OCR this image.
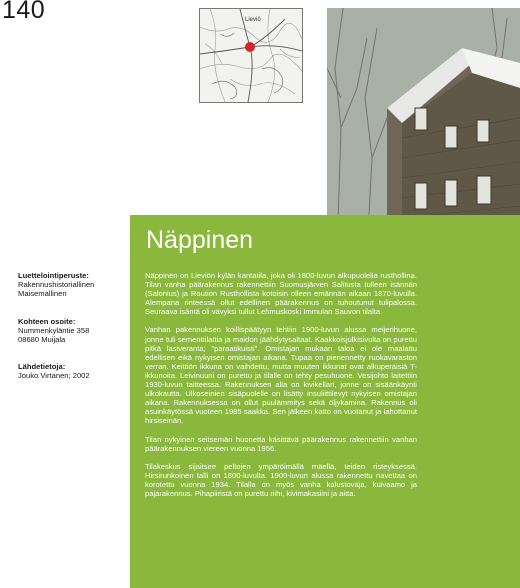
140	Lieviö
Näppinen

Näppinen on Lieviön kylän kantatila, joka oli 1800-luvun alkupuolella rusthollina. Tilan vanha päärakennus rakennettiin Suomusjärven Salitusta tulleen isännän (Salonius) ja Roution Rusthollista kotoisin olleen emännän aikaan 1870-luvulla. Alempana rinteessä ollut edellinen päärakennus on tuhoutunut tulipalossa. Seuraava isäntä oli vävyksi tullut Lehmuskoski Immulan Sauvon tilalta.

Vanhan pakennuksen koillispäätyyn tehtiin 1900-luvun alussa meijerihuone, jonne tuli sementtilattia ja maidon jäähdytysaltaat. Kaakkoisjulkisivulta on purettu pitkä lasiveranta; "paraatikuisti". Omistajan mukaan taloa ei ole maalattu edellisen eikä nykyisen omistajan aikana. Tupaa on pienennetty ruokavaraston verran. Keittiön ikkuna on vaihdettu, mutta muuten ikkunat ovat alkuperäisiä T-ikkunoita. Leivinuuni on purettu ja tilalle on tehty pesuhuone. Vesijohto laitettiin 1930-luvun taitteessa. Rakennuksen alla on kivikellari, jonne on sisäänkäynti ulkokautta. Ulkoseinien sisäpuolelle on lisätty insuliittilevyt nykyisen omistajan aikana. Rakennuksessa on ollut puulämmitys sekä öljykamina. Rakennus oli asuinkäytössä vuoteen 1985 saakka. Sen jälkeen katto on vuotanut ja lahottanut hirsiseinän.

Tilan nykyinen seitsemän huonetta käsittävä päärakennus rakennettiin vanhan päärakennuksen viereen vuonna 1956.

Tilakeskus sijaitsee peltojen ympäröimällä mäellä, teiden risteyksessä. Hirsirunkoinen talli on 1800-luvulta. 1900-luvun alussa rakennettu navettaa on korotettu vuonna 1934. Tilalla on myös vanha kalustovaja, kuivaamo ja pajarakennus. Pihapiiristä on purettu riihi, kivimakasiini ja aitta.

Luettelointiperuste:
Rakennushistoriallinen
Maisemallinen
Kohteen osoite:
Nummenkyläntie 358
08680 Muijala
Lähdetietoja:
Jouko Virtanen; 2002
